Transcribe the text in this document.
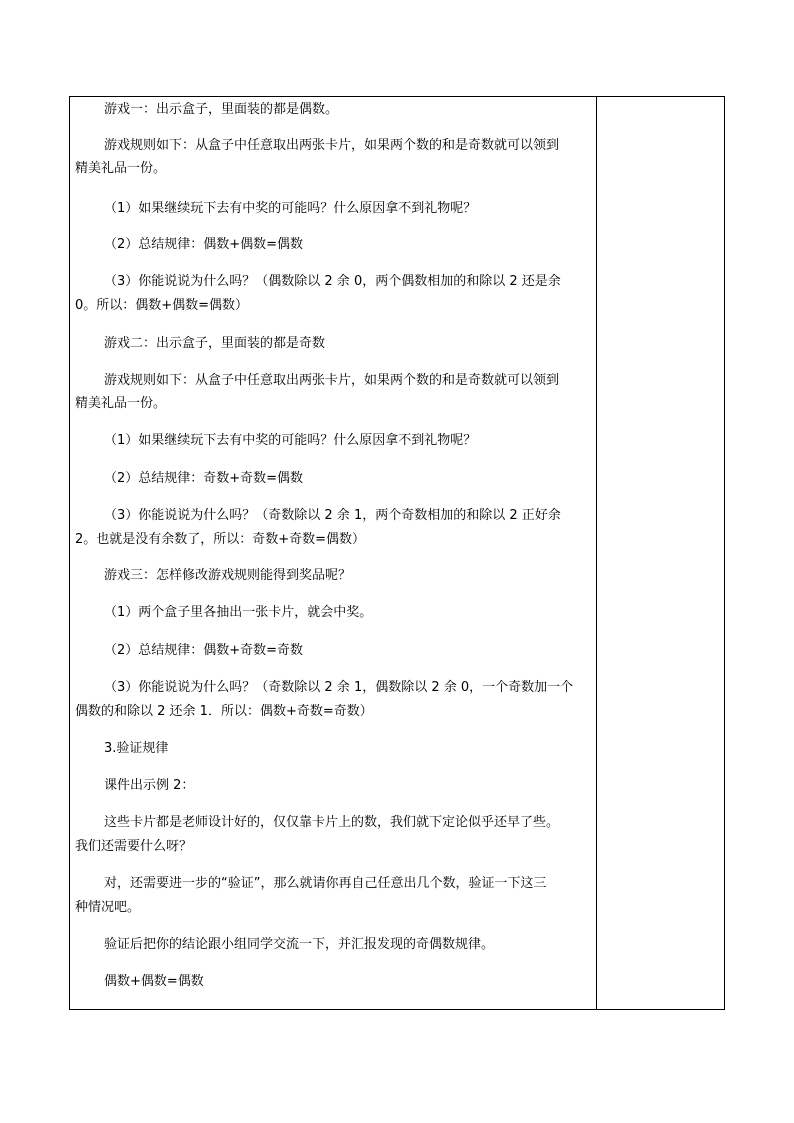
游戏一：出示盒子，里面装的都是偶数。
游戏规则如下：从盒子中任意取出两张卡片，如果两个数的和是奇数就可以领到
精美礼品一份。
（1）如果继续玩下去有中奖的可能吗？什么原因拿不到礼物呢？
（2）总结规律：偶数+偶数=偶数
（3）你能说说为什么吗？（偶数除以 2 余 0，两个偶数相加的和除以 2 还是余
0。所以：偶数+偶数=偶数）
游戏二：出示盒子，里面装的都是奇数
游戏规则如下：从盒子中任意取出两张卡片，如果两个数的和是奇数就可以领到
精美礼品一份。
（1）如果继续玩下去有中奖的可能吗？什么原因拿不到礼物呢？
（2）总结规律：奇数+奇数=偶数
（3）你能说说为什么吗？（奇数除以 2 余 1，两个奇数相加的和除以 2 正好余
2。也就是没有余数了，所以：奇数+奇数=偶数）
游戏三：怎样修改游戏规则能得到奖品呢？
（1）两个盒子里各抽出一张卡片，就会中奖。
（2）总结规律：偶数+奇数=奇数
（3）你能说说为什么吗？（奇数除以 2 余 1，偶数除以 2 余 0，一个奇数加一个
偶数的和除以 2 还余 1．所以：偶数+奇数=奇数）
3.验证规律
课件出示例 2：
这些卡片都是老师设计好的，仅仅靠卡片上的数，我们就下定论似乎还早了些。
我们还需要什么呀？
对，还需要进一步的“验证”，那么就请你再自己任意出几个数，验证一下这三
种情况吧。
验证后把你的结论跟小组同学交流一下，并汇报发现的奇偶数规律。
偶数+偶数=偶数
